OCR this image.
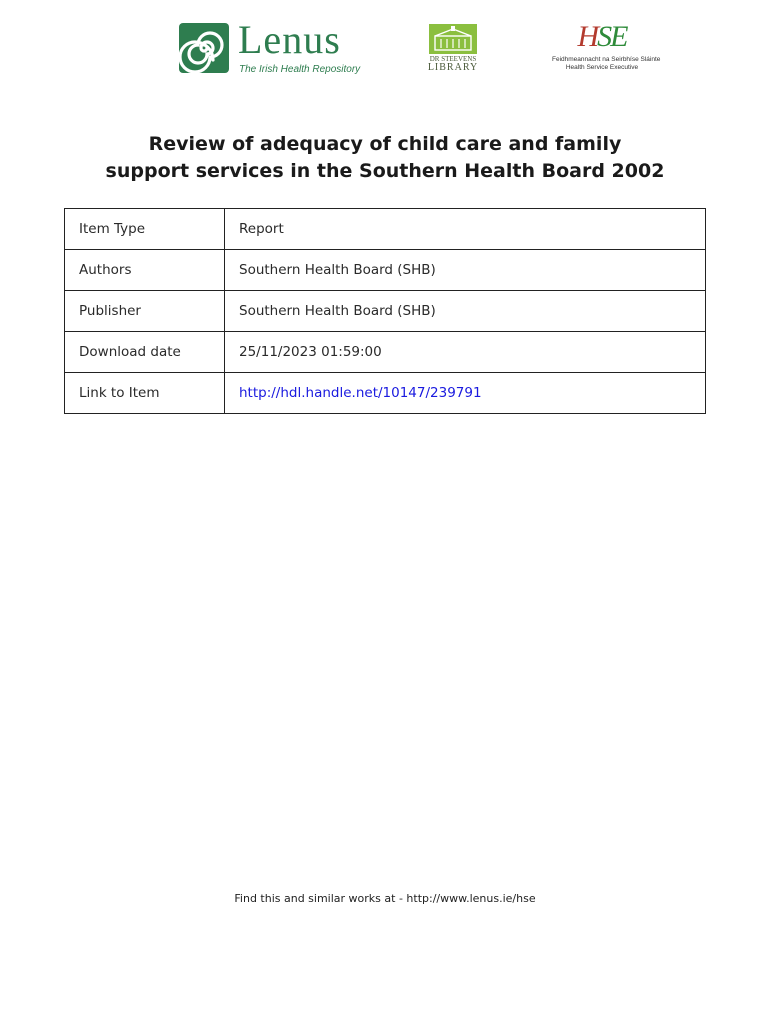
Lenus
The Irish Health Repository
DR STEEVENS
LIBRARY
HSE
Feidhmeannacht na Seirbhíse Sláinte
Health Service Executive
Review of adequacy of child care and family
support services in the Southern Health Board 2002
Item Type	Report
Authors	Southern Health Board (SHB)
Publisher	Southern Health Board (SHB)
Download date	25/11/2023 01:59:00
Link to Item	http://hdl.handle.net/10147/239791
Find this and similar works at - http://www.lenus.ie/hse
